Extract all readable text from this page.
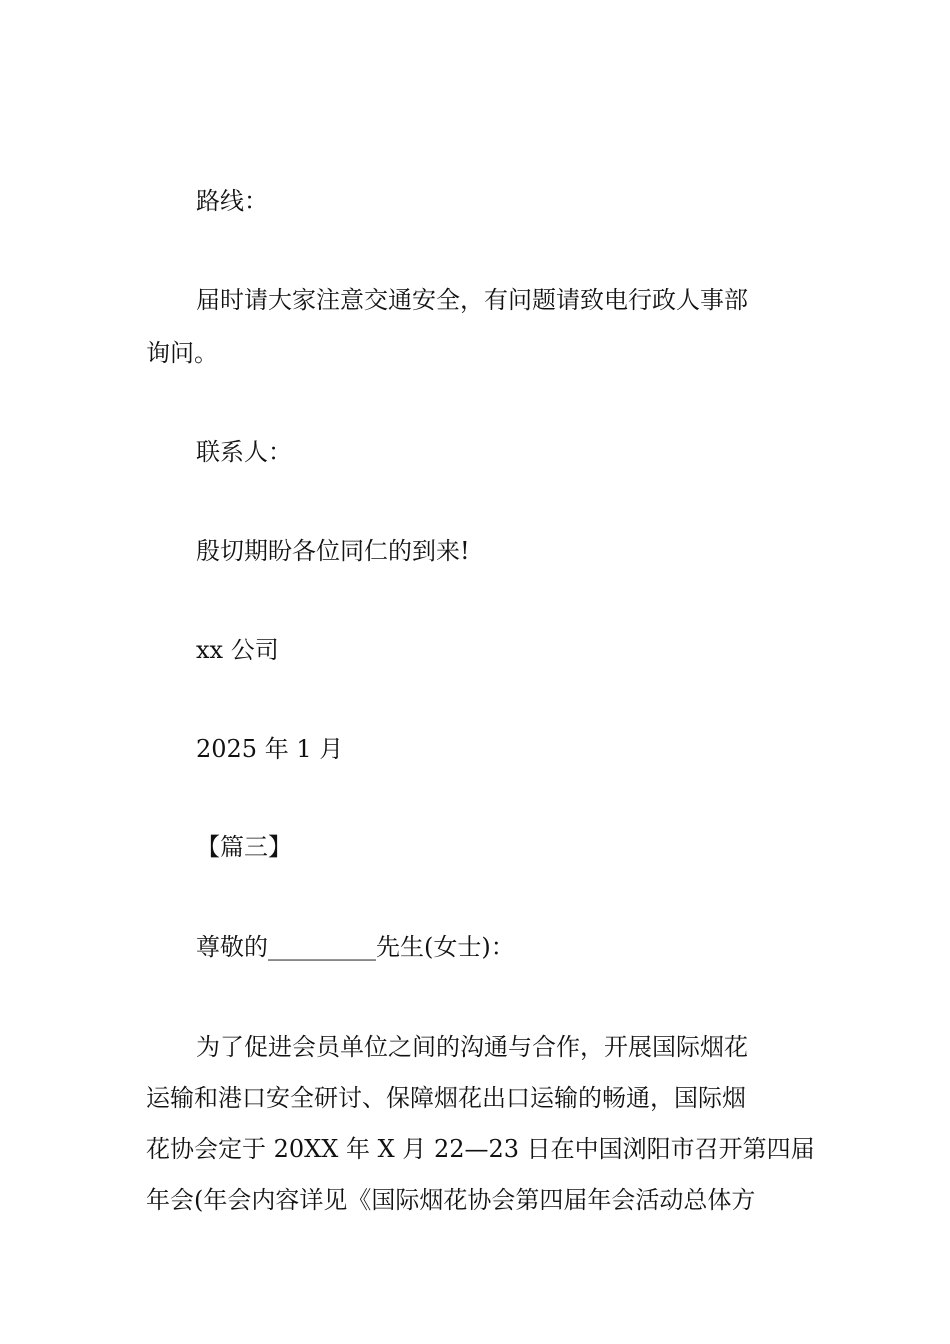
路线：
届时请大家注意交通安全，有问题请致电行政人事部
询问。
联系人：
殷切期盼各位同仁的到来!
xx 公司
2025 年 1 月
【篇三】
尊敬的_________先生(女士)：
为了促进会员单位之间的沟通与合作，开展国际烟花
运输和港口安全研讨、保障烟花出口运输的畅通，国际烟
花协会定于 20XX 年 X 月 22—23 日在中国浏阳市召开第四届
年会(年会内容详见《国际烟花协会第四届年会活动总体方
